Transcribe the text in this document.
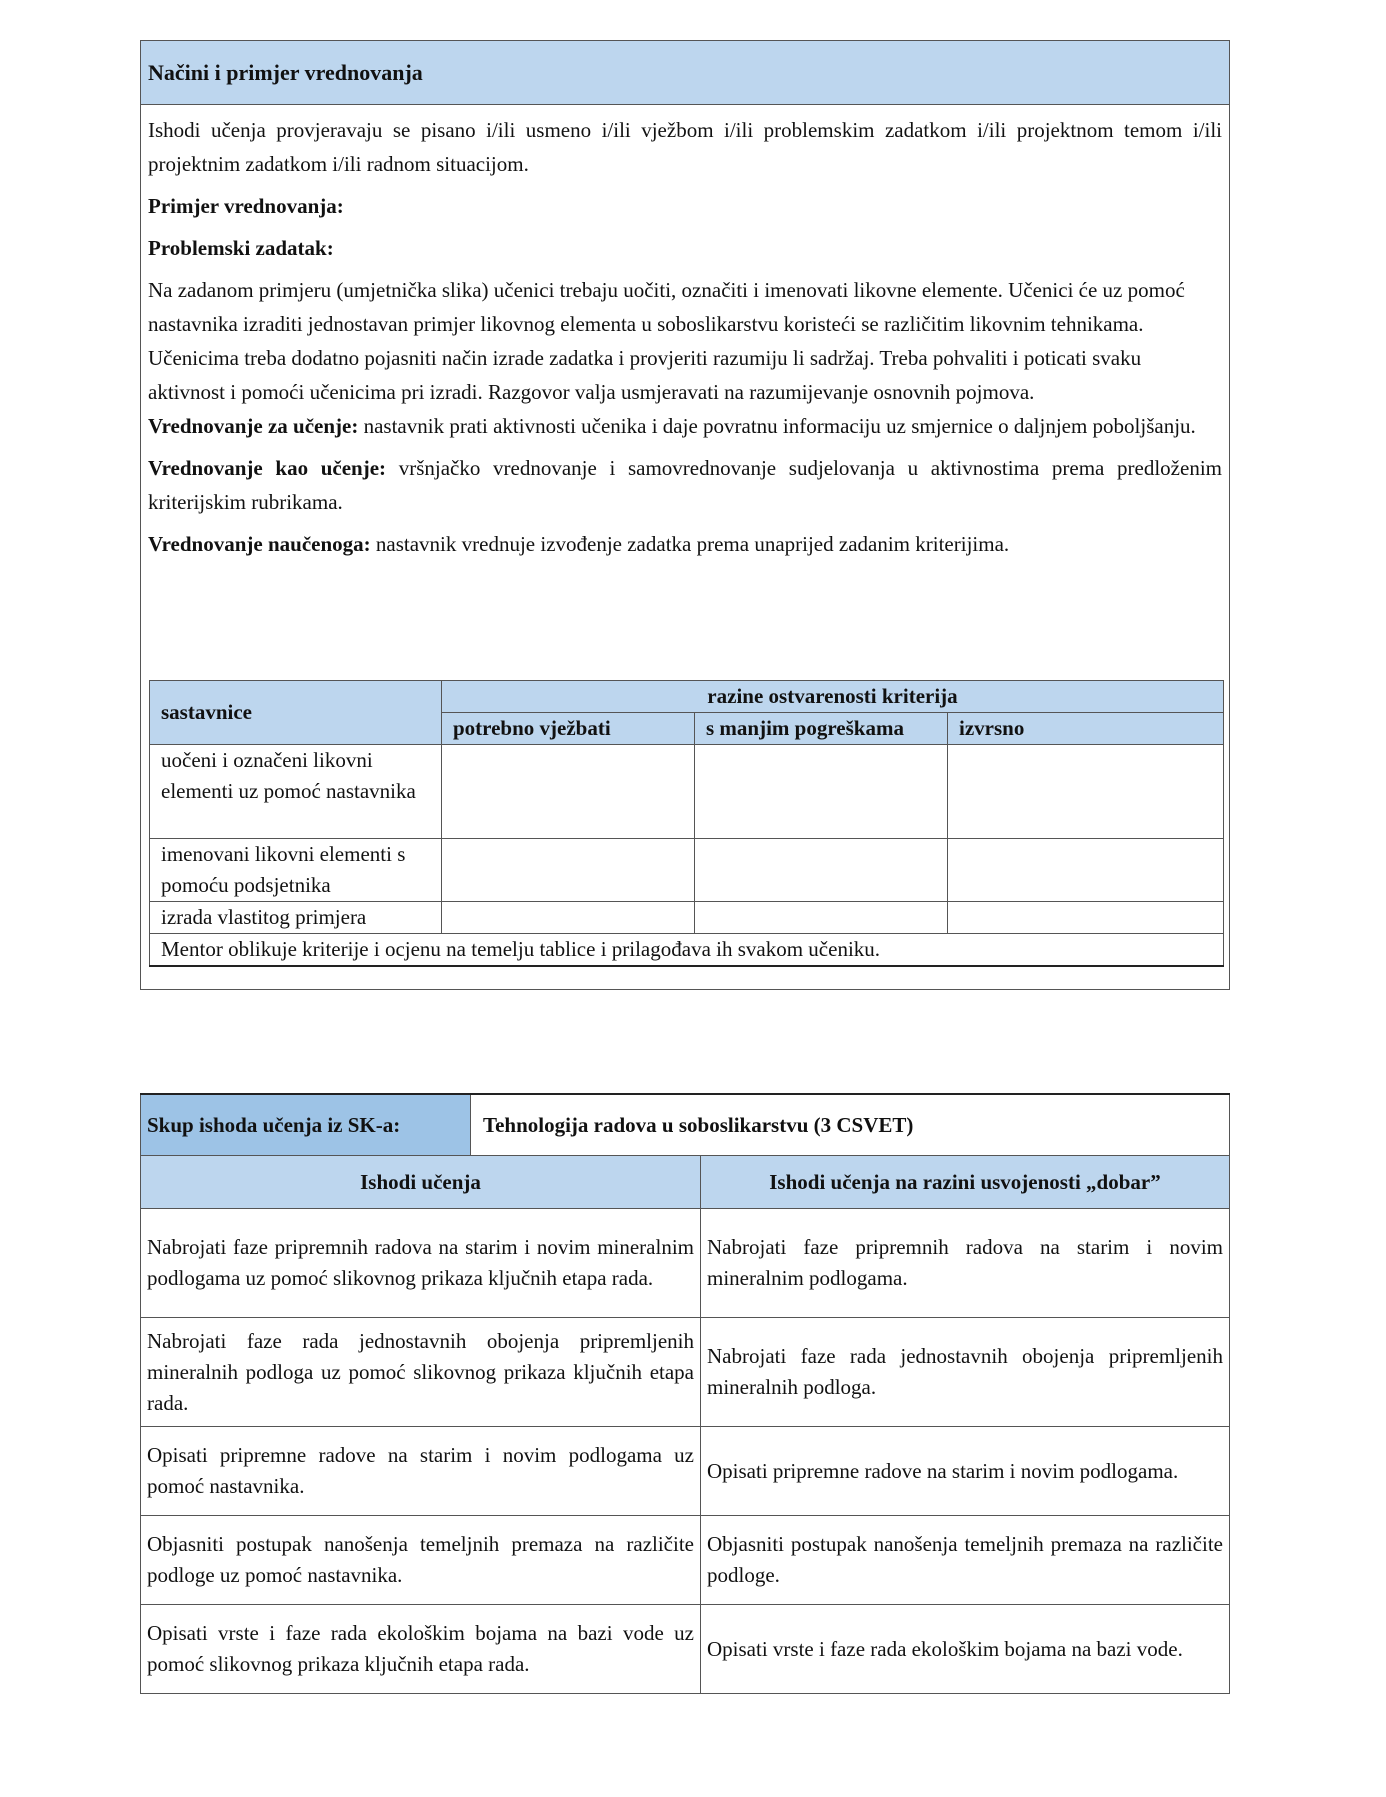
Načini i primjer vrednovanja

Ishodi učenja provjeravaju se pisano i/ili usmeno i/ili vježbom i/ili problemskim zadatkom i/ili projektnom temom i/ili projektnim zadatkom i/ili radnom situacijom.

Primjer vrednovanja:

Problemski zadatak:

Na zadanom primjeru (umjetnička slika) učenici trebaju uočiti, označiti i imenovati likovne elemente. Učenici će uz pomoć nastavnika izraditi jednostavan primjer likovnog elementa u soboslikarstvu koristeći se različitim likovnim tehnikama.

Učenicima treba dodatno pojasniti način izrade zadatka i provjeriti razumiju li sadržaj. Treba pohvaliti i poticati svaku aktivnost i pomoći učenicima pri izradi. Razgovor valja usmjeravati na razumijevanje osnovnih pojmova.

Vrednovanje za učenje: nastavnik prati aktivnosti učenika i daje povratnu informaciju uz smjernice o daljnjem poboljšanju.

Vrednovanje kao učenje: vršnjačko vrednovanje i samovrednovanje sudjelovanja u aktivnostima prema predloženim kriterijskim rubrikama.

Vrednovanje naučenoga: nastavnik vrednuje izvođenje zadatka prema unaprijed zadanim kriterijima.

sastavnice	razine ostvarenosti kriterija		
	potrebno vježbati	s manjim pogreškama	izvrsno
uočeni i označeni likovni elementi uz pomoć nastavnika			
imenovani likovni elementi s pomoću podsjetnika			
izrada vlastitog primjera			
Mentor oblikuje kriterije i ocjenu na temelju tablice i prilagođava ih svakom učeniku.			
Skup ishoda učenja iz SK-a:	Tehnologija radova u soboslikarstvu (3 CSVET)	
Ishodi učenja		Ishodi učenja na razini usvojenosti „dobar”
Nabrojati faze pripremnih radova na starim i novim mineralnim podlogama uz pomoć slikovnog prikaza ključnih etapa rada.		Nabrojati faze pripremnih radova na starim i novim mineralnim podlogama.
Nabrojati faze rada jednostavnih obojenja pripremljenih mineralnih podloga uz pomoć slikovnog prikaza ključnih etapa rada.		Nabrojati faze rada jednostavnih obojenja pripremljenih mineralnih podloga.
Opisati pripremne radove na starim i novim podlogama uz pomoć nastavnika.		Opisati pripremne radove na starim i novim podlogama.
Objasniti postupak nanošenja temeljnih premaza na različite podloge uz pomoć nastavnika.		Objasniti postupak nanošenja temeljnih premaza na različite podloge.
Opisati vrste i faze rada ekološkim bojama na bazi vode uz pomoć slikovnog prikaza ključnih etapa rada.		Opisati vrste i faze rada ekološkim bojama na bazi vode.
